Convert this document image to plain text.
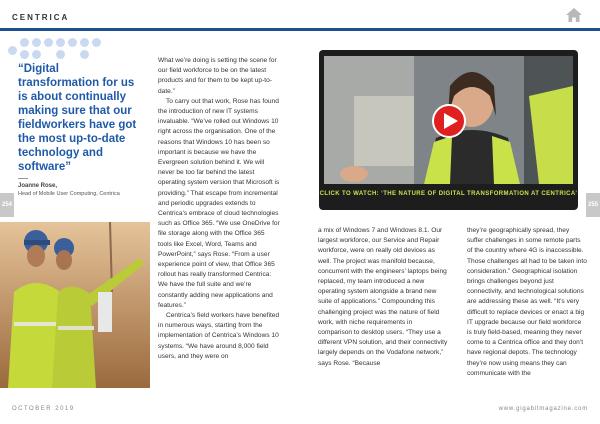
CENTRICA
“Digital transformation for us is about continually making sure that our fieldworkers have got the most up-to-date technology and software”
Joanne Rose,
Head of Mobile User Computing, Centrica
254	255

What we’re doing is setting the scene for our field workforce to be on the latest products and for them to be kept up-to-date.”

To carry out that work, Rose has found the introduction of new IT systems invaluable. “We’ve rolled out Windows 10 right across the organisation. One of the reasons that Windows 10 has been so important is because we have the Evergreen solution behind it. We will never be too far behind the latest operating system version that Microsoft is providing.” That escape from incremental and periodic upgrades extends to Centrica’s embrace of cloud technologies such as Office 365. “We use OneDrive for file storage along with the Office 365 tools like Excel, Word, Teams and PowerPoint,” says Rose. “From a user experience point of view, that Office 365 rollout has really transformed Centrica: We have the full suite and we’re constantly adding new applications and features.”

Centrica’s field workers have benefited in numerous ways, starting from the implementation of Centrica’s Windows 10 systems. “We have around 8,000 field users, and they were on

CLICK TO WATCH: ‘THE NATURE OF DIGITAL TRANSFORMATION AT CENTRICA’
a mix of Windows 7 and Windows 8.1. Our largest workforce, our Service and Repair workforce, were on really old devices as well. The project was manifold because, concurrent with the engineers’ laptops being replaced, my team introduced a new operating system alongside a brand new suite of applications.” Compounding this challenging project was the nature of field work, with niche requirements in comparison to desktop users. “They use a different VPN solution, and their connectivity largely depends on the Vodafone network,” says Rose. “Because
they’re geographically spread, they suffer challenges in some remote parts of the country where 4G is inaccessible. Those challenges all had to be taken into consideration.” Geographical isolation brings challenges beyond just connectivity, and technological solutions are addressing these as well. “It’s very difficult to replace devices or enact a big IT upgrade because our field workforce is truly field-based, meaning they never come to a Centrica office and they don’t have regional depots. The technology they’re now using means they can communicate with the
OCTOBER 2019	www.gigabitmagazine.com
